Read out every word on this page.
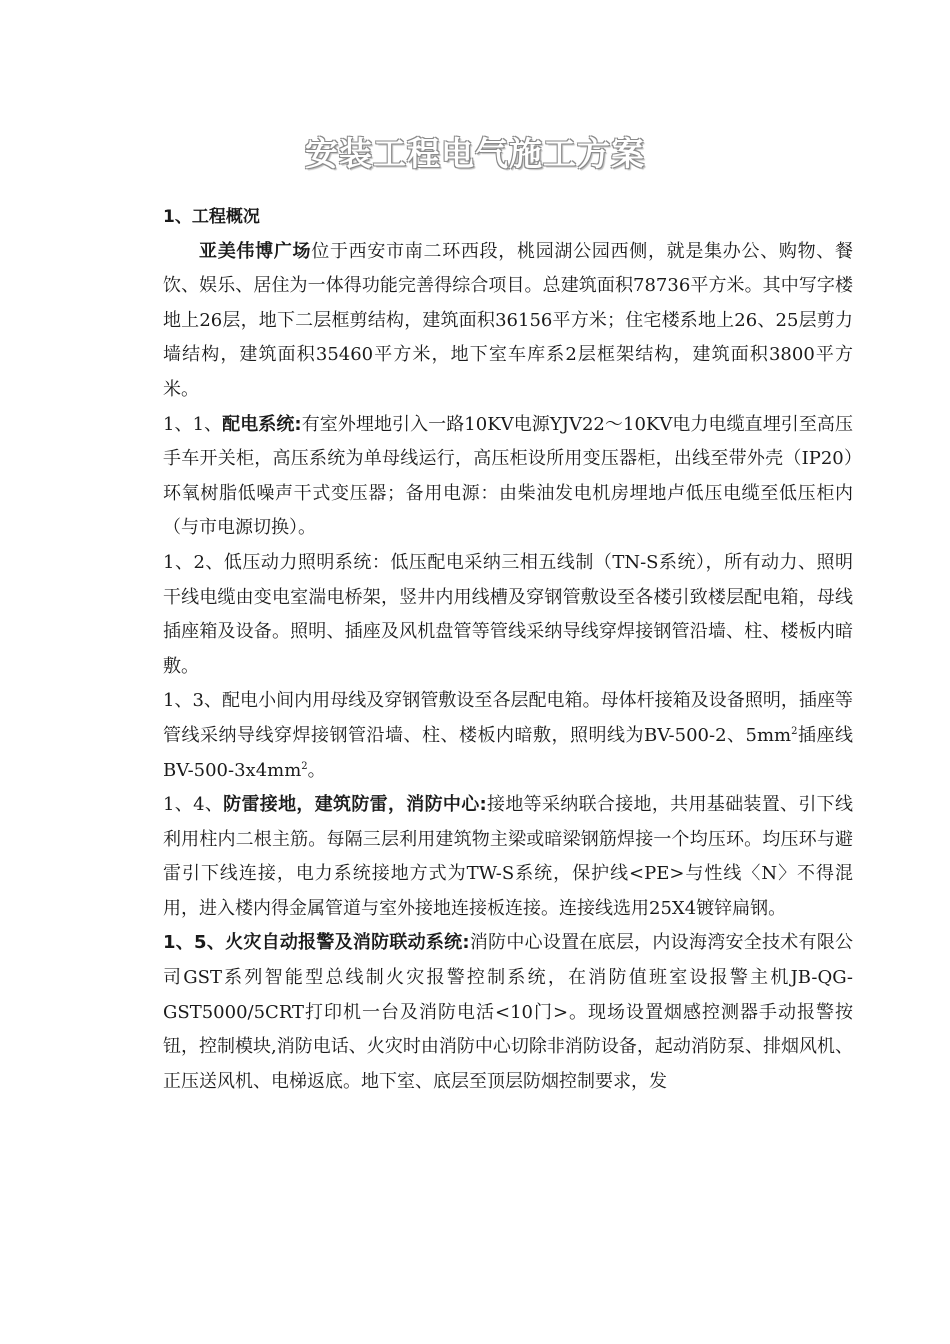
安装工程电气施工方案

1、工程概况

亚美伟博广场位于西安市南二环西段，桃园湖公园西侧，就是集办公、购物、餐饮、娱乐、居住为一体得功能完善得综合项目。总建筑面积78736平方米。其中写字楼地上26层，地下二层框剪结构，建筑面积36156平方米；住宅楼系地上26、25层剪力墙结构，建筑面积35460平方米，地下室车库系2层框架结构，建筑面积3800平方米。

1、1、配电系统:有室外埋地引入一路10KV电源YJV22～10KV电力电缆直埋引至高压手车开关柜，高压系统为单母线运行，高压柜设所用变压器柜，出线至带外壳（IP20）环氧树脂低噪声干式变压器；备用电源：由柴油发电机房埋地卢低压电缆至低压柜内（与市电源切换）。

1、2、低压动力照明系统：低压配电采纳三相五线制（TN-S系统），所有动力、照明干线电缆由变电室湍电桥架，竖井内用线槽及穿钢管敷设至各楼引致楼层配电箱，母线插座箱及设备。照明、插座及风机盘管等管线采纳导线穿焊接钢管沿墙、柱、楼板内暗敷。

1、3、配电小间内用母线及穿钢管敷设至各层配电箱。母体杆接箱及设备照明，插座等管线采纳导线穿焊接钢管沿墙、柱、楼板内暗敷，照明线为BV-500-2、$5mm^2$插座线$BV-500-3x4mm^2$。

1、4、防雷接地，建筑防雷，消防中心:接地等采纳联合接地，共用基础装置、引下线利用柱内二根主筋。每隔三层利用建筑物主梁或暗梁钢筋焊接一个均压环。均压环与避雷引下线连接，电力系统接地方式为TW-S系统，保护线<PE>与性线〈N〉不得混用，进入楼内得金属管道与室外接地连接板连接。连接线选用25X4镀锌扁钢。

1、5、火灾自动报警及消防联动系统:消防中心设置在底层，内设海湾安全技术有限公司GST系列智能型总线制火灾报警控制系统，在消防值班室设报警主机JB-QG-GST5000/5CRT打印机一台及消防电活<10门>。现场设置烟感控测器手动报警按钮，控制模块,消防电话、火灾时由消防中心切除非消防设备，起动消防泵、排烟风机、正压送风机、电梯返底。地下室、底层至顶层防烟控制要求，发
